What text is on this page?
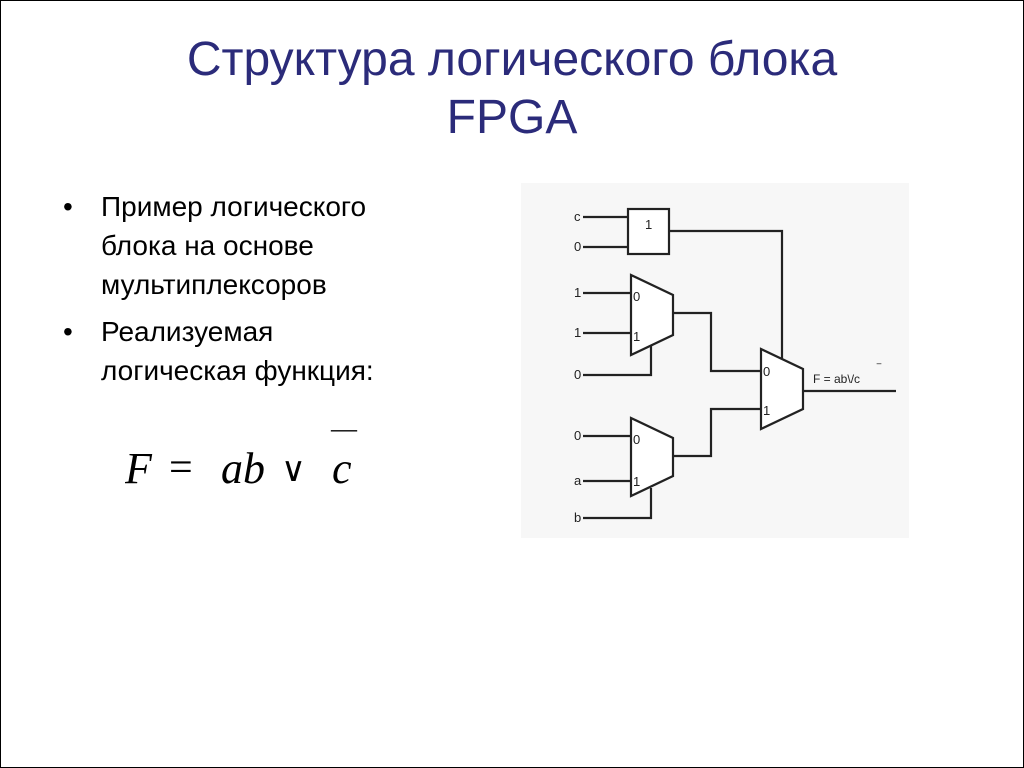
Структура логического блока
FPGA
•	Пример логического
блока на основе
мультиплексоров
•	Реализуемая
логическая функция:
F = ab ∨ c
—
c
0
1
1
0
0
a
b
1
0
1
0
1
0
1
F = ab\/c
‾
